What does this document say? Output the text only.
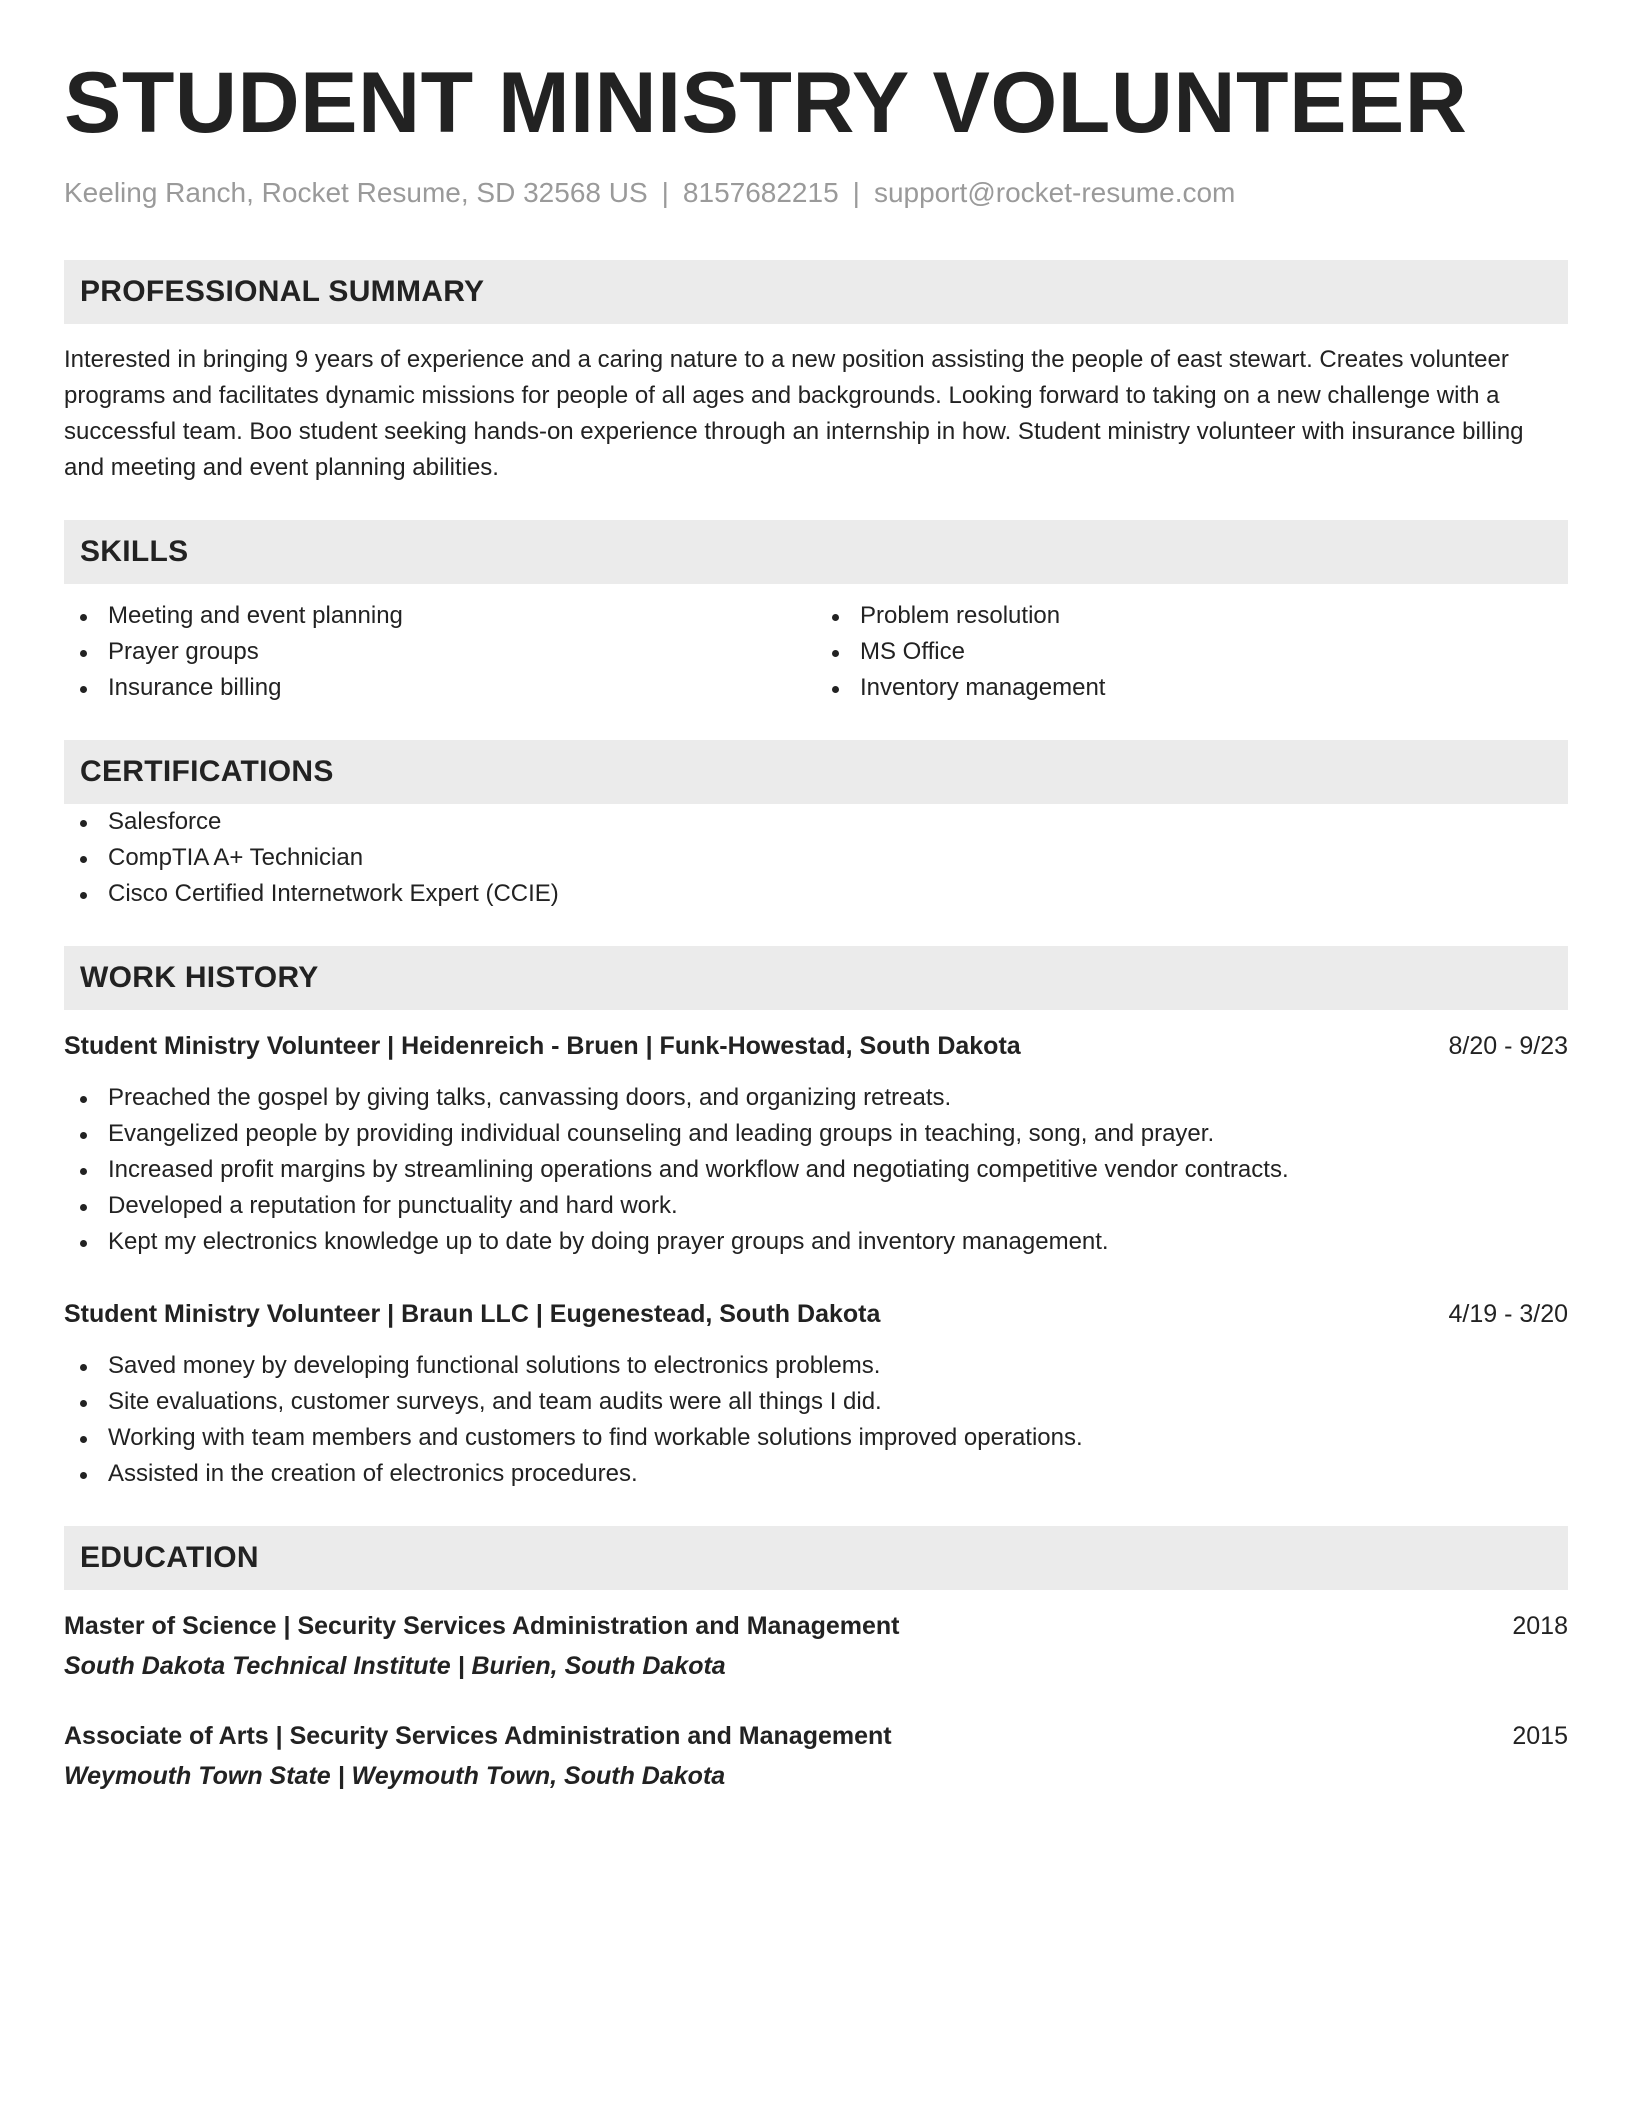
STUDENT MINISTRY VOLUNTEER
Keeling Ranch, Rocket Resume, SD 32568 US | 8157682215 | support@rocket-resume.com
PROFESSIONAL SUMMARY
Interested in bringing 9 years of experience and a caring nature to a new position assisting the people of east stewart. Creates volunteer programs and facilitates dynamic missions for people of all ages and backgrounds. Looking forward to taking on a new challenge with a successful team. Boo student seeking hands-on experience through an internship in how. Student ministry volunteer with insurance billing and meeting and event planning abilities.
SKILLS
Meeting and event planning
Prayer groups
Insurance billing
Problem resolution
MS Office
Inventory management
CERTIFICATIONS
Salesforce
CompTIA A+ Technician
Cisco Certified Internetwork Expert (CCIE)
WORK HISTORY
Student Ministry Volunteer | Heidenreich - Bruen | Funk-Howestad, South Dakota	8/20 - 9/23
Preached the gospel by giving talks, canvassing doors, and organizing retreats.
Evangelized people by providing individual counseling and leading groups in teaching, song, and prayer.
Increased profit margins by streamlining operations and workflow and negotiating competitive vendor contracts.
Developed a reputation for punctuality and hard work.
Kept my electronics knowledge up to date by doing prayer groups and inventory management.
Student Ministry Volunteer | Braun LLC | Eugenestead, South Dakota	4/19 - 3/20
Saved money by developing functional solutions to electronics problems.
Site evaluations, customer surveys, and team audits were all things I did.
Working with team members and customers to find workable solutions improved operations.
Assisted in the creation of electronics procedures.
EDUCATION
Master of Science | Security Services Administration and Management	2018
South Dakota Technical Institute | Burien, South Dakota
Associate of Arts | Security Services Administration and Management	2015
Weymouth Town State | Weymouth Town, South Dakota
